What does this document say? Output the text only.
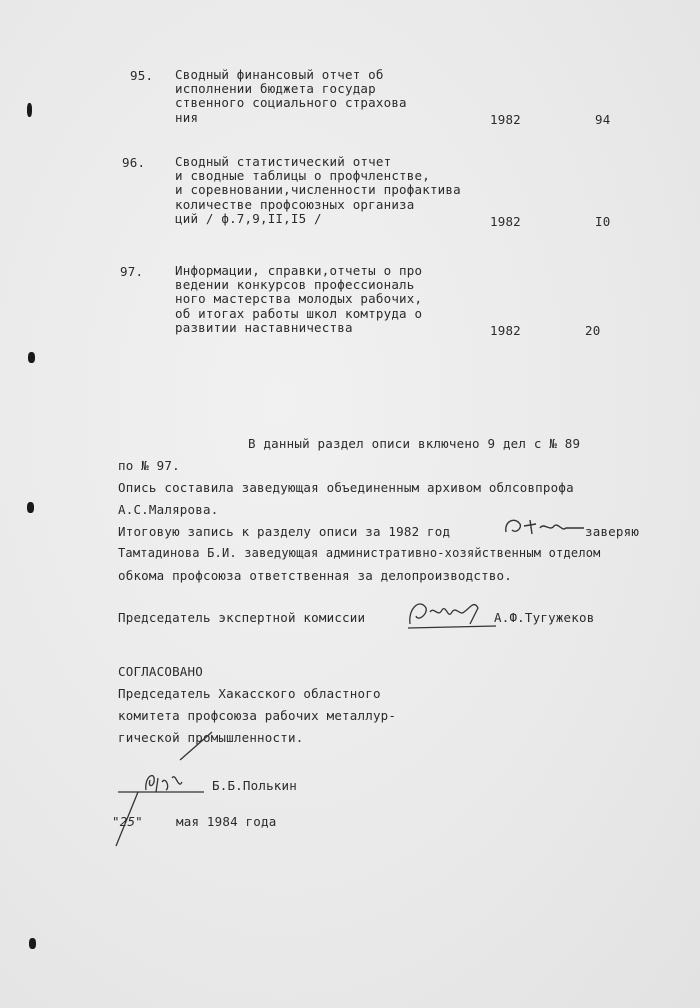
95. Сводный финансовый отчет об
исполнении бюджета государ
ственного социального страхова
ния	1982	94
96. Сводный статистический отчет
и сводные таблицы о профчленстве,
и соревновании,численности профактива
количестве профсоюзных организа
ций / ф.7,9,II,I5 /	1982	I0
97.	Информации, справки,отчеты о про
ведении конкурсов профессиональ
ного мастерства молодых рабочих,
об итогах работы школ комтруда о
развитии наставничества	1982	20
В данный раздел описи включено 9 дел с № 89
по № 97.
Опись составила заведующая объединенным архивом облсовпрофа
А.С.Малярова.
Итоговую запись к разделу описи за 1982 год	заверяю
Тамтадинова Б.И. заведующая административно-хозяйственным отделом
обкома профсоюза ответственная за делопроизводство.
Председатель экспертной комиссии	А.Ф.Тугужеков
СОГЛАСОВАНО
Председатель Хакасского областного
комитета профсоюза рабочих металлур-
гической промышленности.
Б.Б.Полькин
"25"	мая 1984 года
